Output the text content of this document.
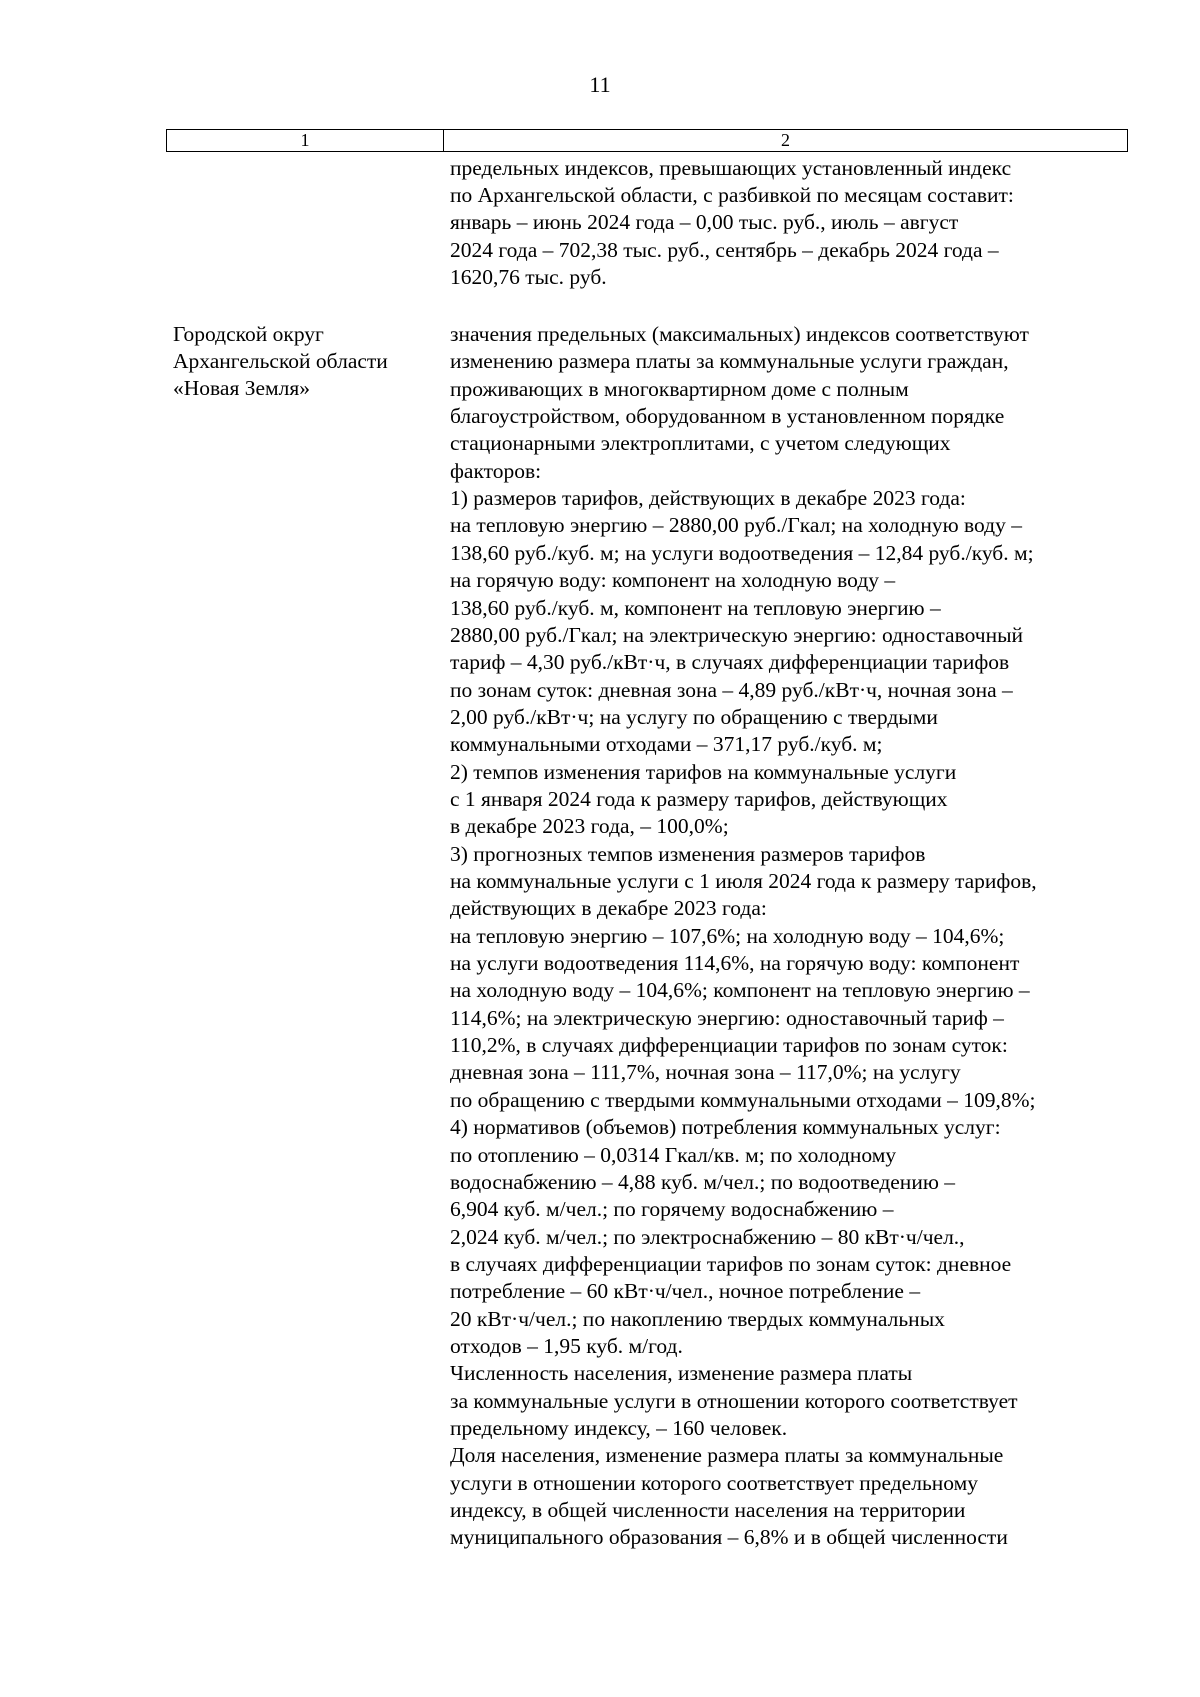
11
1	2
предельных индексов, превышающих установленный индекс
по Архангельской области, с разбивкой по месяцам составит:
январь – июнь 2024 года – 0,00 тыс. руб., июль – август
2024 года – 702,38 тыс. руб., сентябрь – декабрь 2024 года –
1620,76 тыс. руб.
Городской округ
Архангельской области
«Новая Земля»
значения предельных (максимальных) индексов соответствуют
изменению размера платы за коммунальные услуги граждан,
проживающих в многоквартирном доме с полным
благоустройством, оборудованном в установленном порядке
стационарными электроплитами, с учетом следующих
факторов:
1) размеров тарифов, действующих в декабре 2023 года:
на тепловую энергию – 2880,00 руб./Гкал; на холодную воду –
138,60 руб./куб. м; на услуги водоотведения – 12,84 руб./куб. м;
на горячую воду: компонент на холодную воду –
138,60 руб./куб. м, компонент на тепловую энергию –
2880,00 руб./Гкал; на электрическую энергию: одноставочный
тариф – 4,30 руб./кВт·ч, в случаях дифференциации тарифов
по зонам суток: дневная зона – 4,89 руб./кВт·ч, ночная зона –
2,00 руб./кВт·ч; на услугу по обращению с твердыми
коммунальными отходами – 371,17 руб./куб. м;
2) темпов изменения тарифов на коммунальные услуги
с 1 января 2024 года к размеру тарифов, действующих
в декабре 2023 года, – 100,0%;
3) прогнозных темпов изменения размеров тарифов
на коммунальные услуги с 1 июля 2024 года к размеру тарифов,
действующих в декабре 2023 года:
на тепловую энергию – 107,6%; на холодную воду – 104,6%;
на услуги водоотведения 114,6%, на горячую воду: компонент
на холодную воду – 104,6%; компонент на тепловую энергию –
114,6%; на электрическую энергию: одноставочный тариф –
110,2%, в случаях дифференциации тарифов по зонам суток:
дневная зона – 111,7%, ночная зона – 117,0%; на услугу
по обращению с твердыми коммунальными отходами – 109,8%;
4) нормативов (объемов) потребления коммунальных услуг:
по отоплению – 0,0314 Гкал/кв. м; по холодному
водоснабжению – 4,88 куб. м/чел.; по водоотведению –
6,904 куб. м/чел.; по горячему водоснабжению –
2,024 куб. м/чел.; по электроснабжению – 80 кВт·ч/чел.,
в случаях дифференциации тарифов по зонам суток: дневное
потребление – 60 кВт·ч/чел., ночное потребление –
20 кВт·ч/чел.; по накоплению твердых коммунальных
отходов – 1,95 куб. м/год.
Численность населения, изменение размера платы
за коммунальные услуги в отношении которого соответствует
предельному индексу, – 160 человек.
Доля населения, изменение размера платы за коммунальные
услуги в отношении которого соответствует предельному
индексу, в общей численности населения на территории
муниципального образования – 6,8% и в общей численности
